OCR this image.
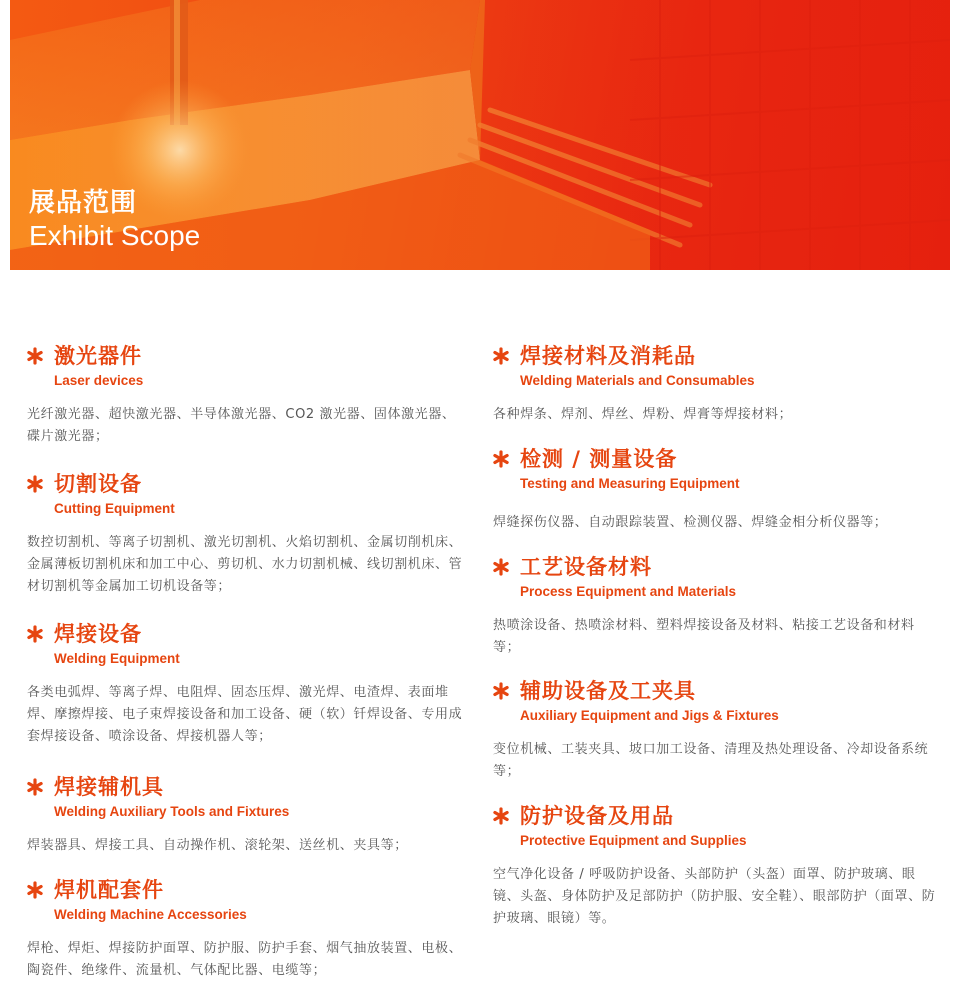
展品范围
Exhibit Scope
激光器件
Laser devices
光纤激光器、超快激光器、半导体激光器、CO2 激光器、固体激光器、碟片激光器；
切割设备
Cutting Equipment
数控切割机、等离子切割机、激光切割机、火焰切割机、金属切削机床、金属薄板切割机床和加工中心、剪切机、水力切割机械、线切割机床、管材切割机等金属加工切机设备等；
焊接设备
Welding Equipment
各类电弧焊、等离子焊、电阻焊、固态压焊、激光焊、电渣焊、表面堆焊、摩擦焊接、电子束焊接设备和加工设备、硬（软）钎焊设备、专用成套焊接设备、喷涂设备、焊接机器人等；
焊接辅机具
Welding Auxiliary Tools and Fixtures
焊装器具、焊接工具、自动操作机、滚轮架、送丝机、夹具等；
焊机配套件
Welding Machine Accessories
焊枪、焊炬、焊接防护面罩、防护服、防护手套、烟气抽放装置、电极、陶瓷件、绝缘件、流量机、气体配比器、电缆等；
焊接材料及消耗品
Welding Materials and Consumables
各种焊条、焊剂、焊丝、焊粉、焊膏等焊接材料；
检测 / 测量设备
Testing and Measuring Equipment
焊缝探伤仪器、自动跟踪装置、检测仪器、焊缝金相分析仪器等；
工艺设备材料
Process Equipment and Materials
热喷涂设备、热喷涂材料、塑料焊接设备及材料、粘接工艺设备和材料等；
辅助设备及工夹具
Auxiliary Equipment and Jigs & Fixtures
变位机械、工装夹具、坡口加工设备、清理及热处理设备、冷却设备系统等；
防护设备及用品
Protective Equipment and Supplies
空气净化设备 / 呼吸防护设备、头部防护（头盔）面罩、防护玻璃、眼镜、头盔、身体防护及足部防护（防护服、安全鞋）、眼部防护（面罩、防护玻璃、眼镜）等。
